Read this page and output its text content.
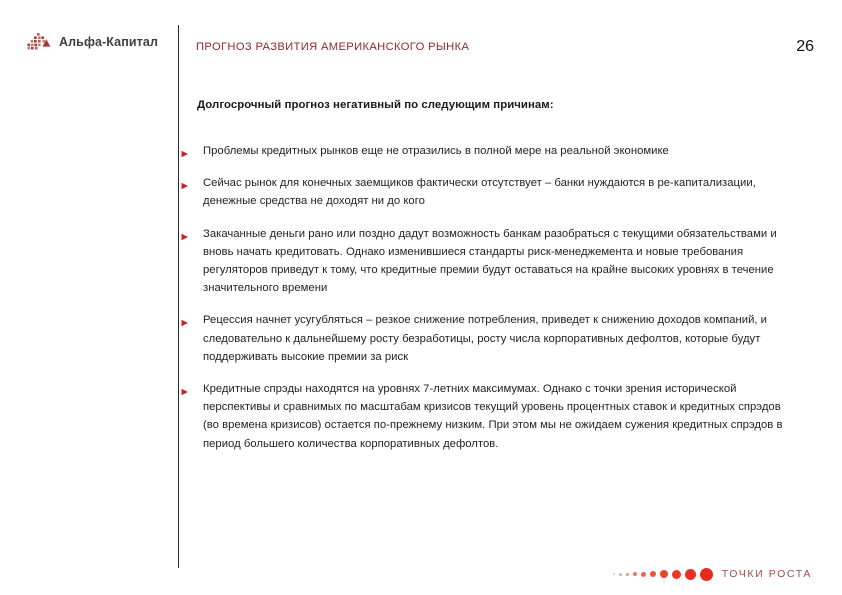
Альфа-Капитал	ПРОГНОЗ РАЗВИТИЯ АМЕРИКАНСКОГО РЫНКА	26
Долгосрочный прогноз негативный по следующим причинам:
Проблемы кредитных рынков еще не отразились в полной мере на реальной экономике
Сейчас рынок для конечных заемщиков фактически отсутствует – банки нуждаются в ре-капитализации, денежные средства не доходят ни до кого
Закачанные деньги рано или поздно дадут возможность банкам разобраться с текущими обязательствами и вновь начать кредитовать. Однако изменившиеся стандарты риск-менеджемента и новые требования регуляторов приведут к тому, что кредитные премии будут оставаться на крайне высоких уровнях в течение значительного времени
Рецессия начнет усугубляться – резкое снижение потребления, приведет к снижению доходов компаний, и следовательно к дальнейшему росту безработицы, росту числа корпоративных дефолтов, которые будут поддерживать высокие премии за риск
Кредитные спрэды находятся на уровнях 7-летних максимумах. Однако с точки зрения исторической перспективы и сравнимых по масштабам кризисов текущий уровень процентных ставок и кредитных спрэдов (во времена кризисов) остается по-прежнему низким. При этом мы не ожидаем сужения кредитных спрэдов в период большего количества корпоративных дефолтов.
ТОЧКИ РОСТА
